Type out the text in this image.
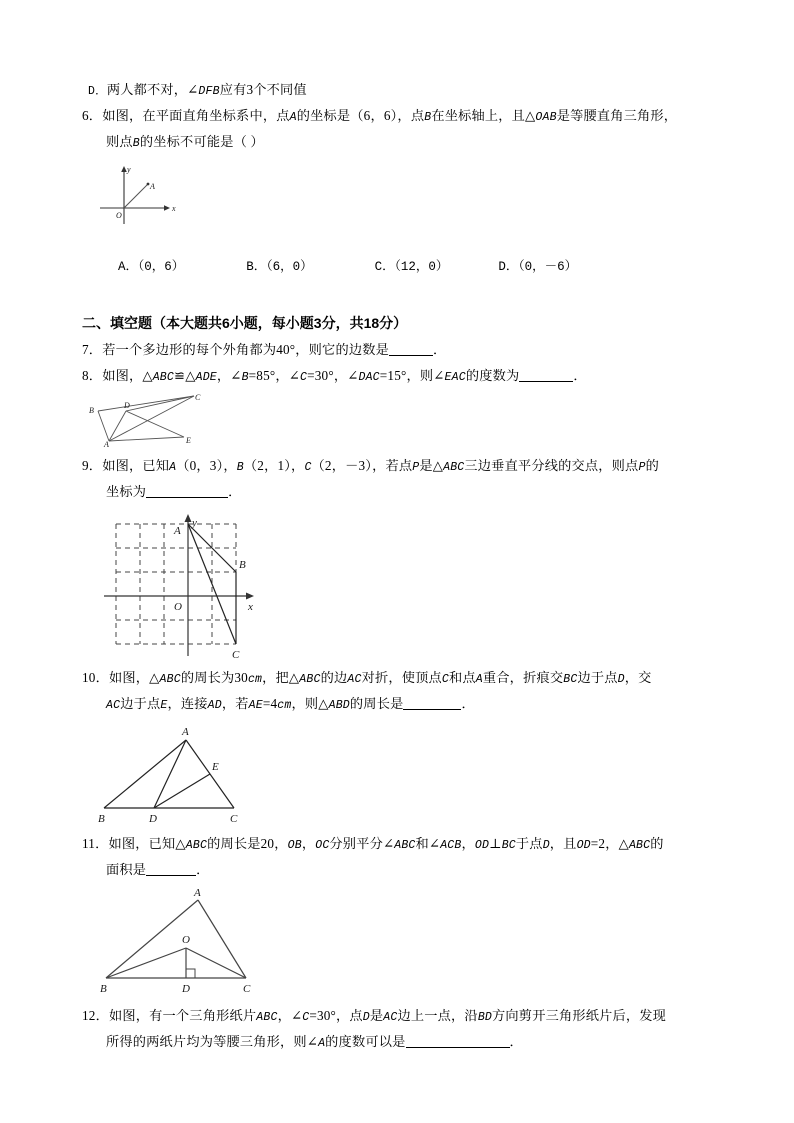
D．两人都不对，∠DFB应有3个不同值
6．如图，在平面直角坐标系中，点A的坐标是（6，6），点B在坐标轴上，且△OAB是等腰直角三角形，
则点B的坐标不可能是（ ）
A
O
x
y

A．（0，6）	B．（6，0）	C．（12，0）	D．（0，－6）

二、填空题（本大题共6小题，每小题3分，共18分）
7．若一个多边形的每个外角都为40°，则它的边数是	．
8．如图，△ABC≌△ADE，∠B=85°，∠C=30°，∠DAC=15°，则∠EAC的度数为	．
B
D
C
A	E
9．如图，已知A（0，3），B（2，1），C（2，－3），若点P是△ABC三边垂直平分线的交点，则点P的
坐标为	．
A
B
C
O	x
y
10．如图，△ABC的周长为30cm，把△ABC的边AC对折，使顶点C和点A重合，折痕交BC边于点D，交
AC边于点E，连接AD，若AE=4cm，则△ABD的周长是	．
A
E
B	D	C
11．如图，已知△ABC的周长是20，OB，OC分别平分∠ABC和∠ACB，OD⊥BC于点D，且OD=2，△ABC的
面积是	．
A
O
B	D	C
12．如图，有一个三角形纸片ABC，∠C=30°，点D是AC边上一点，沿BD方向剪开三角形纸片后，发现
所得的两纸片均为等腰三角形，则∠A的度数可以是	．
